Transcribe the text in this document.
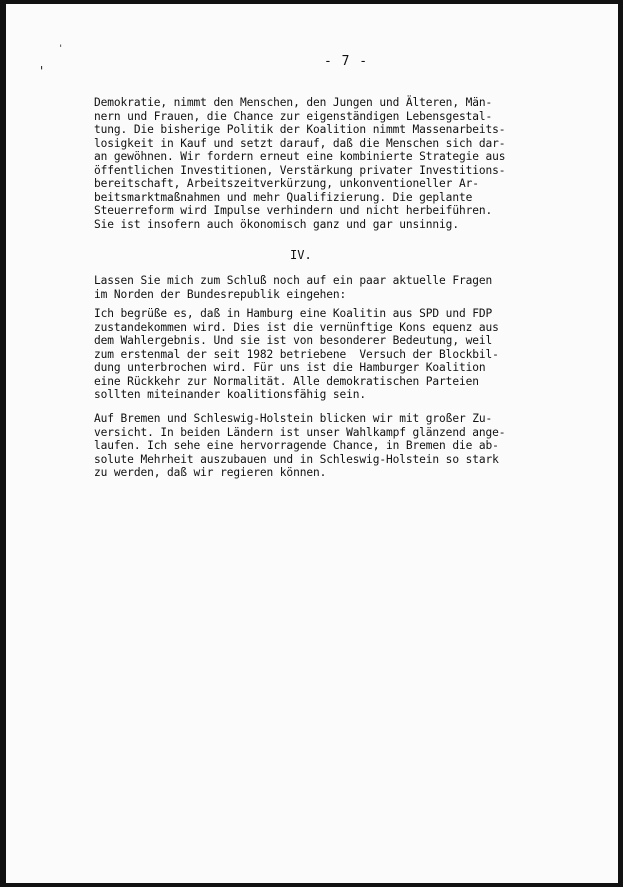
'
'
- 7 -

Demokratie, nimmt den Menschen, den Jungen und Älteren, Män-
nern und Frauen, die Chance zur eigenständigen Lebensgestal-
tung. Die bisherige Politik der Koalition nimmt Massenarbeits-
losigkeit in Kauf und setzt darauf, daß die Menschen sich dar-
an gewöhnen. Wir fordern erneut eine kombinierte Strategie aus
öffentlichen Investitionen, Verstärkung privater Investitions-
bereitschaft, Arbeitszeitverkürzung, unkonventioneller Ar-
beitsmarktmaßnahmen und mehr Qualifizierung. Die geplante
Steuerreform wird Impulse verhindern und nicht herbeiführen.
Sie ist insofern auch ökonomisch ganz und gar unsinnig.

IV.

Lassen Sie mich zum Schluß noch auf ein paar aktuelle Fragen
im Norden der Bundesrepublik eingehen:

Ich begrüße es, daß in Hamburg eine Koalitin aus SPD und FDP
zustandekommen wird. Dies ist die vernünftige Kons equenz aus
dem Wahlergebnis. Und sie ist von besonderer Bedeutung, weil
zum erstenmal der seit 1982 betriebene  Versuch der Blockbil-
dung unterbrochen wird. Für uns ist die Hamburger Koalition
eine Rückkehr zur Normalität. Alle demokratischen Parteien
sollten miteinander koalitionsfähig sein.

Auf Bremen und Schleswig-Holstein blicken wir mit großer Zu-
versicht. In beiden Ländern ist unser Wahlkampf glänzend ange-
laufen. Ich sehe eine hervorragende Chance, in Bremen die ab-
solute Mehrheit auszubauen und in Schleswig-Holstein so stark
zu werden, daß wir regieren können.
